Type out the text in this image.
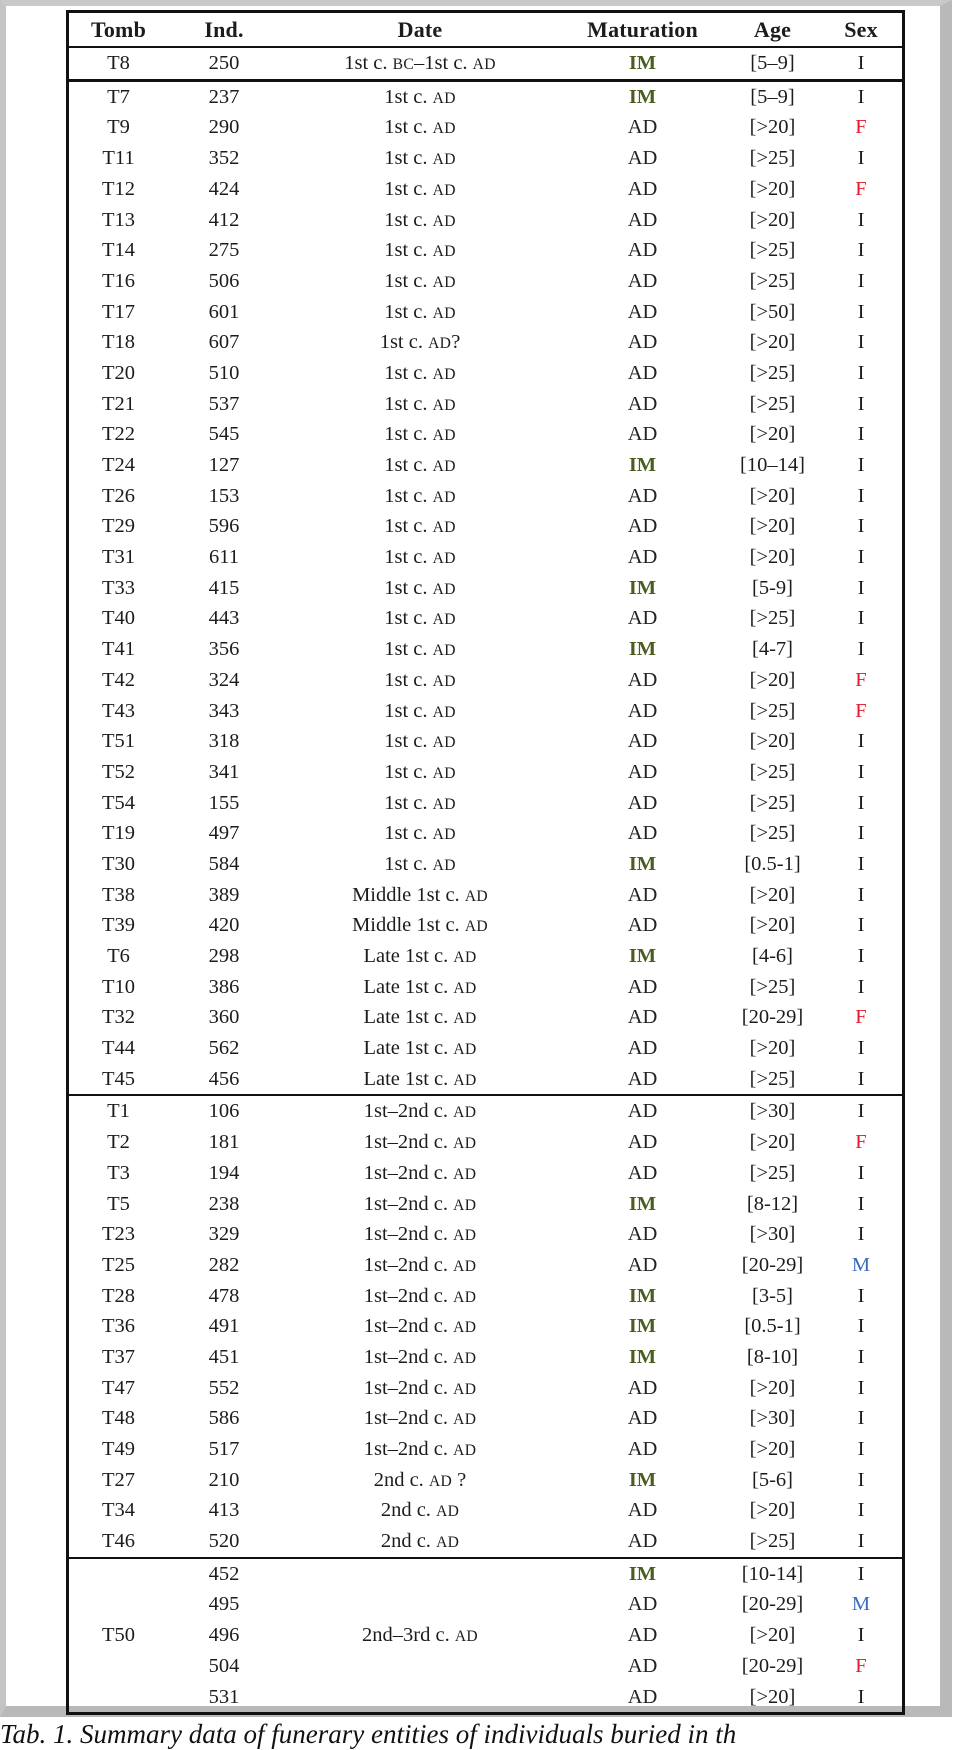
Tomb	Ind.	Date	Maturation	Age	Sex
T8	250	1st c. BC–1st c. AD	IM	[5–9]	I
T7	237	1st c. AD	IM	[5–9]	I
T9	290	1st c. AD	AD	[>20]	F
T11	352	1st c. AD	AD	[>25]	I
T12	424	1st c. AD	AD	[>20]	F
T13	412	1st c. AD	AD	[>20]	I
T14	275	1st c. AD	AD	[>25]	I
T16	506	1st c. AD	AD	[>25]	I
T17	601	1st c. AD	AD	[>50]	I
T18	607	1st c. AD?	AD	[>20]	I
T20	510	1st c. AD	AD	[>25]	I
T21	537	1st c. AD	AD	[>25]	I
T22	545	1st c. AD	AD	[>20]	I
T24	127	1st c. AD	IM	[10–14]	I
T26	153	1st c. AD	AD	[>20]	I
T29	596	1st c. AD	AD	[>20]	I
T31	611	1st c. AD	AD	[>20]	I
T33	415	1st c. AD	IM	[5-9]	I
T40	443	1st c. AD	AD	[>25]	I
T41	356	1st c. AD	IM	[4-7]	I
T42	324	1st c. AD	AD	[>20]	F
T43	343	1st c. AD	AD	[>25]	F
T51	318	1st c. AD	AD	[>20]	I
T52	341	1st c. AD	AD	[>25]	I
T54	155	1st c. AD	AD	[>25]	I
T19	497	1st c. AD	AD	[>25]	I
T30	584	1st c. AD	IM	[0.5-1]	I
T38	389	Middle 1st c. AD	AD	[>20]	I
T39	420	Middle 1st c. AD	AD	[>20]	I
T6	298	Late 1st c. AD	IM	[4-6]	I
T10	386	Late 1st c. AD	AD	[>25]	I
T32	360	Late 1st c. AD	AD	[20-29]	F
T44	562	Late 1st c. AD	AD	[>20]	I
T45	456	Late 1st c. AD	AD	[>25]	I
T1	106	1st–2nd c. AD	AD	[>30]	I
T2	181	1st–2nd c. AD	AD	[>20]	F
T3	194	1st–2nd c. AD	AD	[>25]	I
T5	238	1st–2nd c. AD	IM	[8-12]	I
T23	329	1st–2nd c. AD	AD	[>30]	I
T25	282	1st–2nd c. AD	AD	[20-29]	M
T28	478	1st–2nd c. AD	IM	[3-5]	I
T36	491	1st–2nd c. AD	IM	[0.5-1]	I
T37	451	1st–2nd c. AD	IM	[8-10]	I
T47	552	1st–2nd c. AD	AD	[>20]	I
T48	586	1st–2nd c. AD	AD	[>30]	I
T49	517	1st–2nd c. AD	AD	[>20]	I
T27	210	2nd c. AD ?	IM	[5-6]	I
T34	413	2nd c. AD	AD	[>20]	I
T46	520	2nd c. AD	AD	[>25]	I
	452		IM	[10-14]	I
	495		AD	[20-29]	M
T50	496	2nd–3rd c. AD	AD	[>20]	I
	504		AD	[20-29]	F
	531		AD	[>20]	I
Tab. 1. Summary data of funerary entities of individuals buried in th
